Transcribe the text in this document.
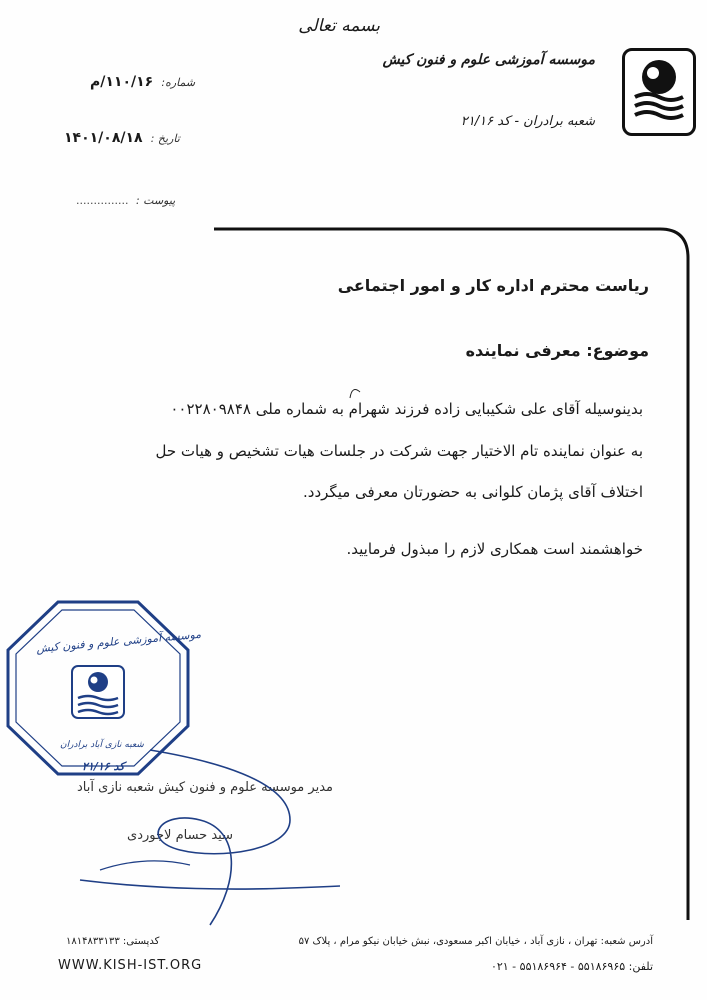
بسمه تعالی
موسسه آموزشی علوم و فنون کیش
شعبه برادران - کد ۲۱/۱۶
شماره: ۱۱۰/۱۶/م
تاریخ : ۱۴۰۱/۰۸/۱۸
پیوست : ...............
ریاست محترم اداره کار و امور اجتماعی
موضوع: معرفی نماینده
بدینوسیله آقای علی شکیبایی زاده فرزند شهرام به شماره ملی ۰۰۲۲۸۰۹۸۴۸
به عنوان نماینده تام الاختیار جهت شرکت در جلسات هیات تشخیص و هیات حل
اختلاف آقای پژمان کلوانی به حضورتان معرفی میگردد.
خواهشمند است همکاری لازم را مبذول فرمایید.
موسسه آموزشی علوم و فنون کیش
شعبه نازی آباد برادران
کد ۲۱/۱۶
مدیر موسسه علوم و فنون کیش شعبه نازی آباد
سید حسام لاجوردی
آدرس شعبه: تهران ، نازی آباد ، خیابان اکبر مسعودی، نبش خیابان نیکو مرام ، پلاک ۵۷
تلفن: ۵۵۱۸۶۹۶۵ - ۵۵۱۸۶۹۶۴ - ۰۲۱
کدپستی: ۱۸۱۴۸۳۳۱۳۳
WWW.KISH-IST.ORG
